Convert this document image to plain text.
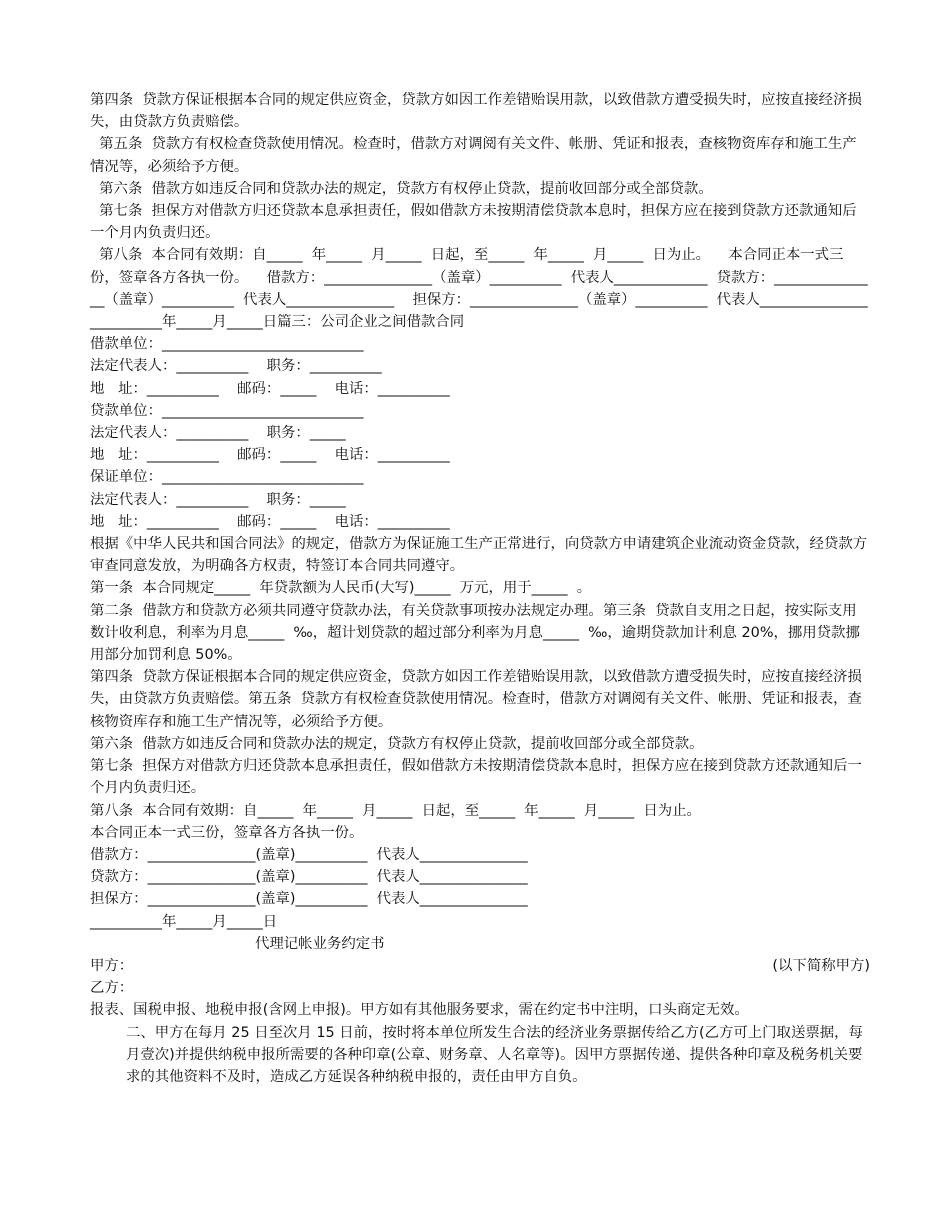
第四条  贷款方保证根据本合同的规定供应资金，贷款方如因工作差错贻误用款，以致借款方遭受损失时，应按直接经济损失，由贷款方负责赔偿。

第五条  贷款方有权检查贷款使用情况。检查时，借款方对调阅有关文件、帐册、凭证和报表，查核物资库存和施工生产情况等，必须给予方便。

第六条  借款方如违反合同和贷款办法的规定，贷款方有权停止贷款，提前收回部分或全部贷款。

第七条  担保方对借款方归还贷款本息承担责任，假如借款方未按期清偿贷款本息时，担保方应在接到贷款方还款通知后一个月内负责归还。

第八条  本合同有效期：自_____  年_____  月_____  日起，至_____  年_____  月_____  日为止。    本合同正本一式三份，签章各方各执一份。    借款方：_______________（盖章）__________  代表人_____________  贷款方：_______________（盖章）__________  代表人_______________    担保方：_______________（盖章）__________  代表人_______________

__________年_____月_____日篇三：公司企业之间借款合同

借款单位：____________________________

法定代表人：__________    职务：__________

地   址：__________    邮码：_____    电话：__________

贷款单位：____________________________

法定代表人：__________    职务：_____

地   址：__________    邮码：_____    电话：__________

保证单位：____________________________

法定代表人：__________    职务：_____

地   址：__________    邮码：_____    电话：__________

根据《中华人民共和国合同法》的规定，借款方为保证施工生产正常进行，向贷款方申请建筑企业流动资金贷款，经贷款方审查同意发放，为明确各方权责，特签订本合同共同遵守。

第一条  本合同规定_____  年贷款额为人民币(大写)_____  万元，用于_____  。

第二条  借款方和贷款方必须共同遵守贷款办法，有关贷款事项按办法规定办理。第三条  贷款自支用之日起，按实际支用数计收利息，利率为月息_____  ‰，超计划贷款的超过部分利率为月息_____  ‰，逾期贷款加计利息 20%，挪用贷款挪用部分加罚利息 50%。

第四条  贷款方保证根据本合同的规定供应资金，贷款方如因工作差错贻误用款，以致借款方遭受损失时，应按直接经济损失，由贷款方负责赔偿。第五条  贷款方有权检查贷款使用情况。检查时，借款方对调阅有关文件、帐册、凭证和报表，查核物资库存和施工生产情况等，必须给予方便。

第六条  借款方如违反合同和贷款办法的规定，贷款方有权停止贷款，提前收回部分或全部贷款。

第七条  担保方对借款方归还贷款本息承担责任，假如借款方未按期清偿贷款本息时，担保方应在接到贷款方还款通知后一个月内负责归还。

第八条  本合同有效期：自_____  年_____  月_____  日起，至_____  年_____  月_____  日为止。

本合同正本一式三份，签章各方各执一份。

借款方：_______________(盖章)__________  代表人_______________

贷款方：_______________(盖章)__________  代表人_______________

担保方：_______________(盖章)__________  代表人_______________

__________年_____月_____日

代理记帐业务约定书

甲方：	(以下简称甲方)

乙方：

报表、国税申报、地税申报(含网上申报)。甲方如有其他服务要求，需在约定书中注明，口头商定无效。

二、甲方在每月 25 日至次月 15 日前，按时将本单位所发生合法的经济业务票据传给乙方(乙方可上门取送票据，每月壹次)并提供纳税申报所需要的各种印章(公章、财务章、人名章等)。因甲方票据传递、提供各种印章及税务机关要求的其他资料不及时，造成乙方延误各种纳税申报的，责任由甲方自负。
